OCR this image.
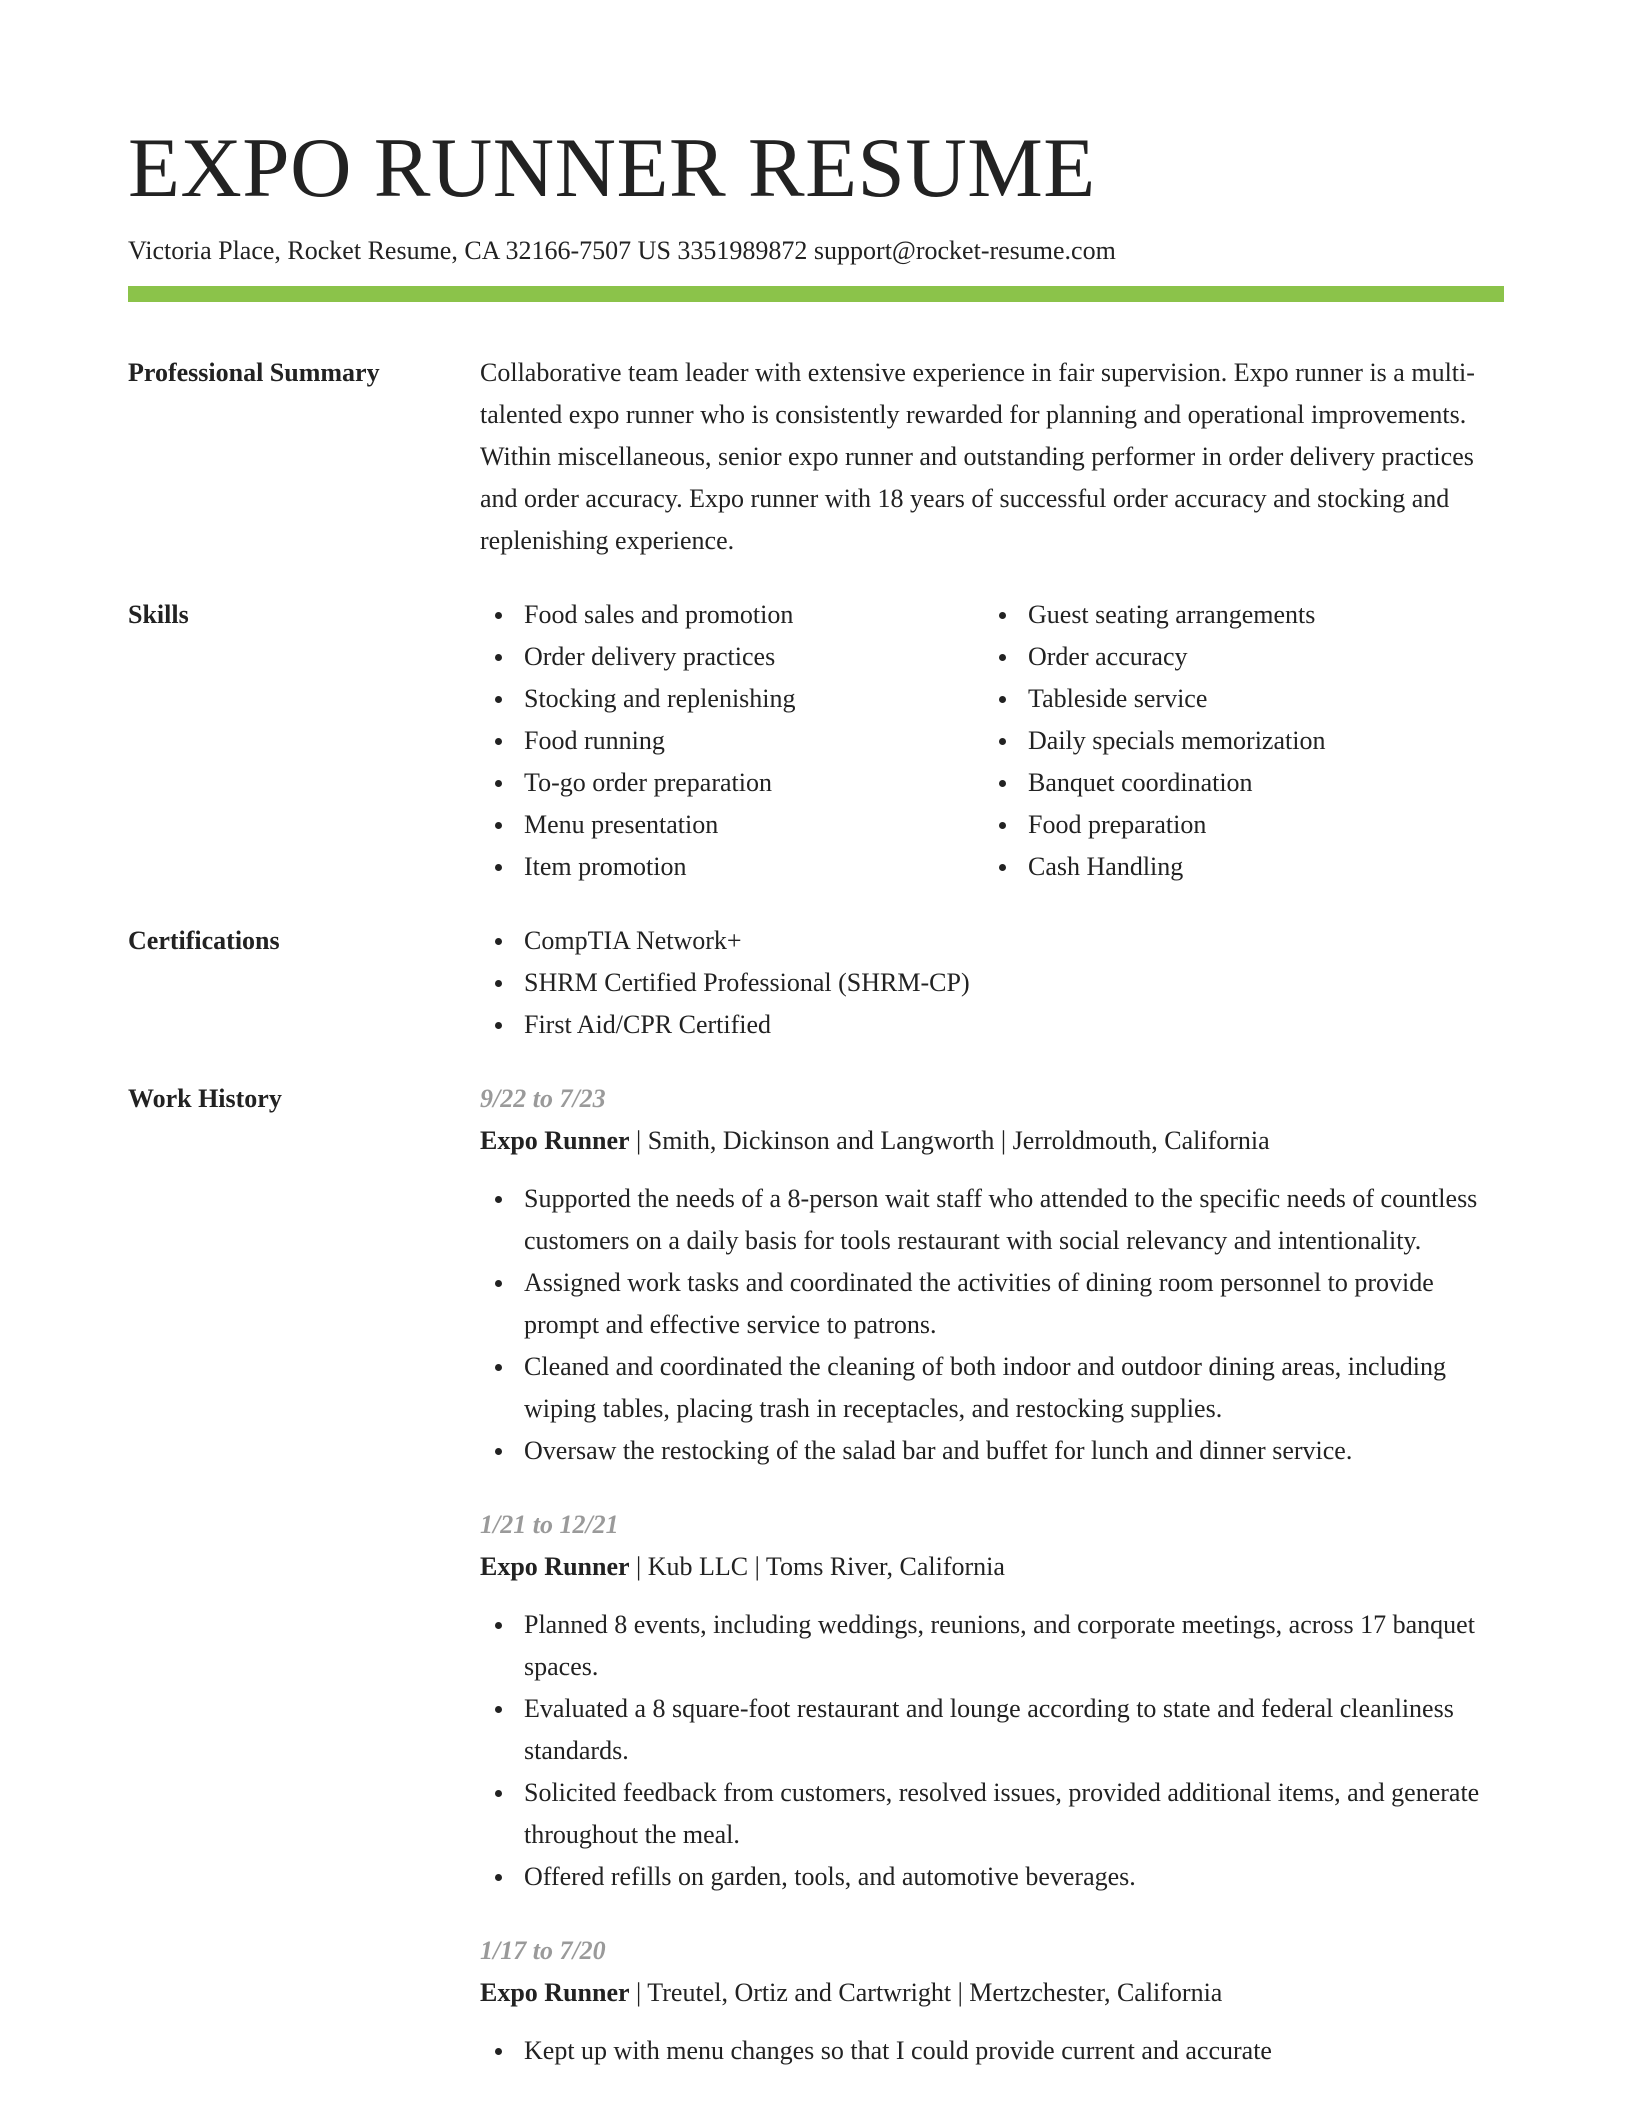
EXPO RUNNER RESUME
Victoria Place, Rocket Resume, CA 32166-7507 US 3351989872 support@rocket-resume.com
Professional Summary	Collaborative team leader with extensive experience in fair supervision. Expo runner is a multi-talented expo runner who is consistently rewarded for planning and operational improvements. Within miscellaneous, senior expo runner and outstanding performer in order delivery practices and order accuracy. Expo runner with 18 years of successful order accuracy and stocking and replenishing experience.
Skills	Food sales and promotion
Order delivery practices
Stocking and replenishing
Food running
To-go order preparation
Menu presentation
Item promotion
Guest seating arrangements
Order accuracy
Tableside service
Daily specials memorization
Banquet coordination
Food preparation
Cash Handling
Certifications	CompTIA Network+
SHRM Certified Professional (SHRM-CP)
First Aid/CPR Certified
Work History	9/22 to 7/23
Expo Runner | Smith, Dickinson and Langworth | Jerroldmouth, California
Supported the needs of a 8-person wait staff who attended to the specific needs of countless customers on a daily basis for tools restaurant with social relevancy and intentionality.
Assigned work tasks and coordinated the activities of dining room personnel to provide prompt and effective service to patrons.
Cleaned and coordinated the cleaning of both indoor and outdoor dining areas, including wiping tables, placing trash in receptacles, and restocking supplies.
Oversaw the restocking of the salad bar and buffet for lunch and dinner service.
1/21 to 12/21
Expo Runner | Kub LLC | Toms River, California
Planned 8 events, including weddings, reunions, and corporate meetings, across 17 banquet spaces.
Evaluated a 8 square-foot restaurant and lounge according to state and federal cleanliness standards.
Solicited feedback from customers, resolved issues, provided additional items, and generate throughout the meal.
Offered refills on garden, tools, and automotive beverages.
1/17 to 7/20
Expo Runner | Treutel, Ortiz and Cartwright | Mertzchester, California
Kept up with menu changes so that I could provide current and accurate
